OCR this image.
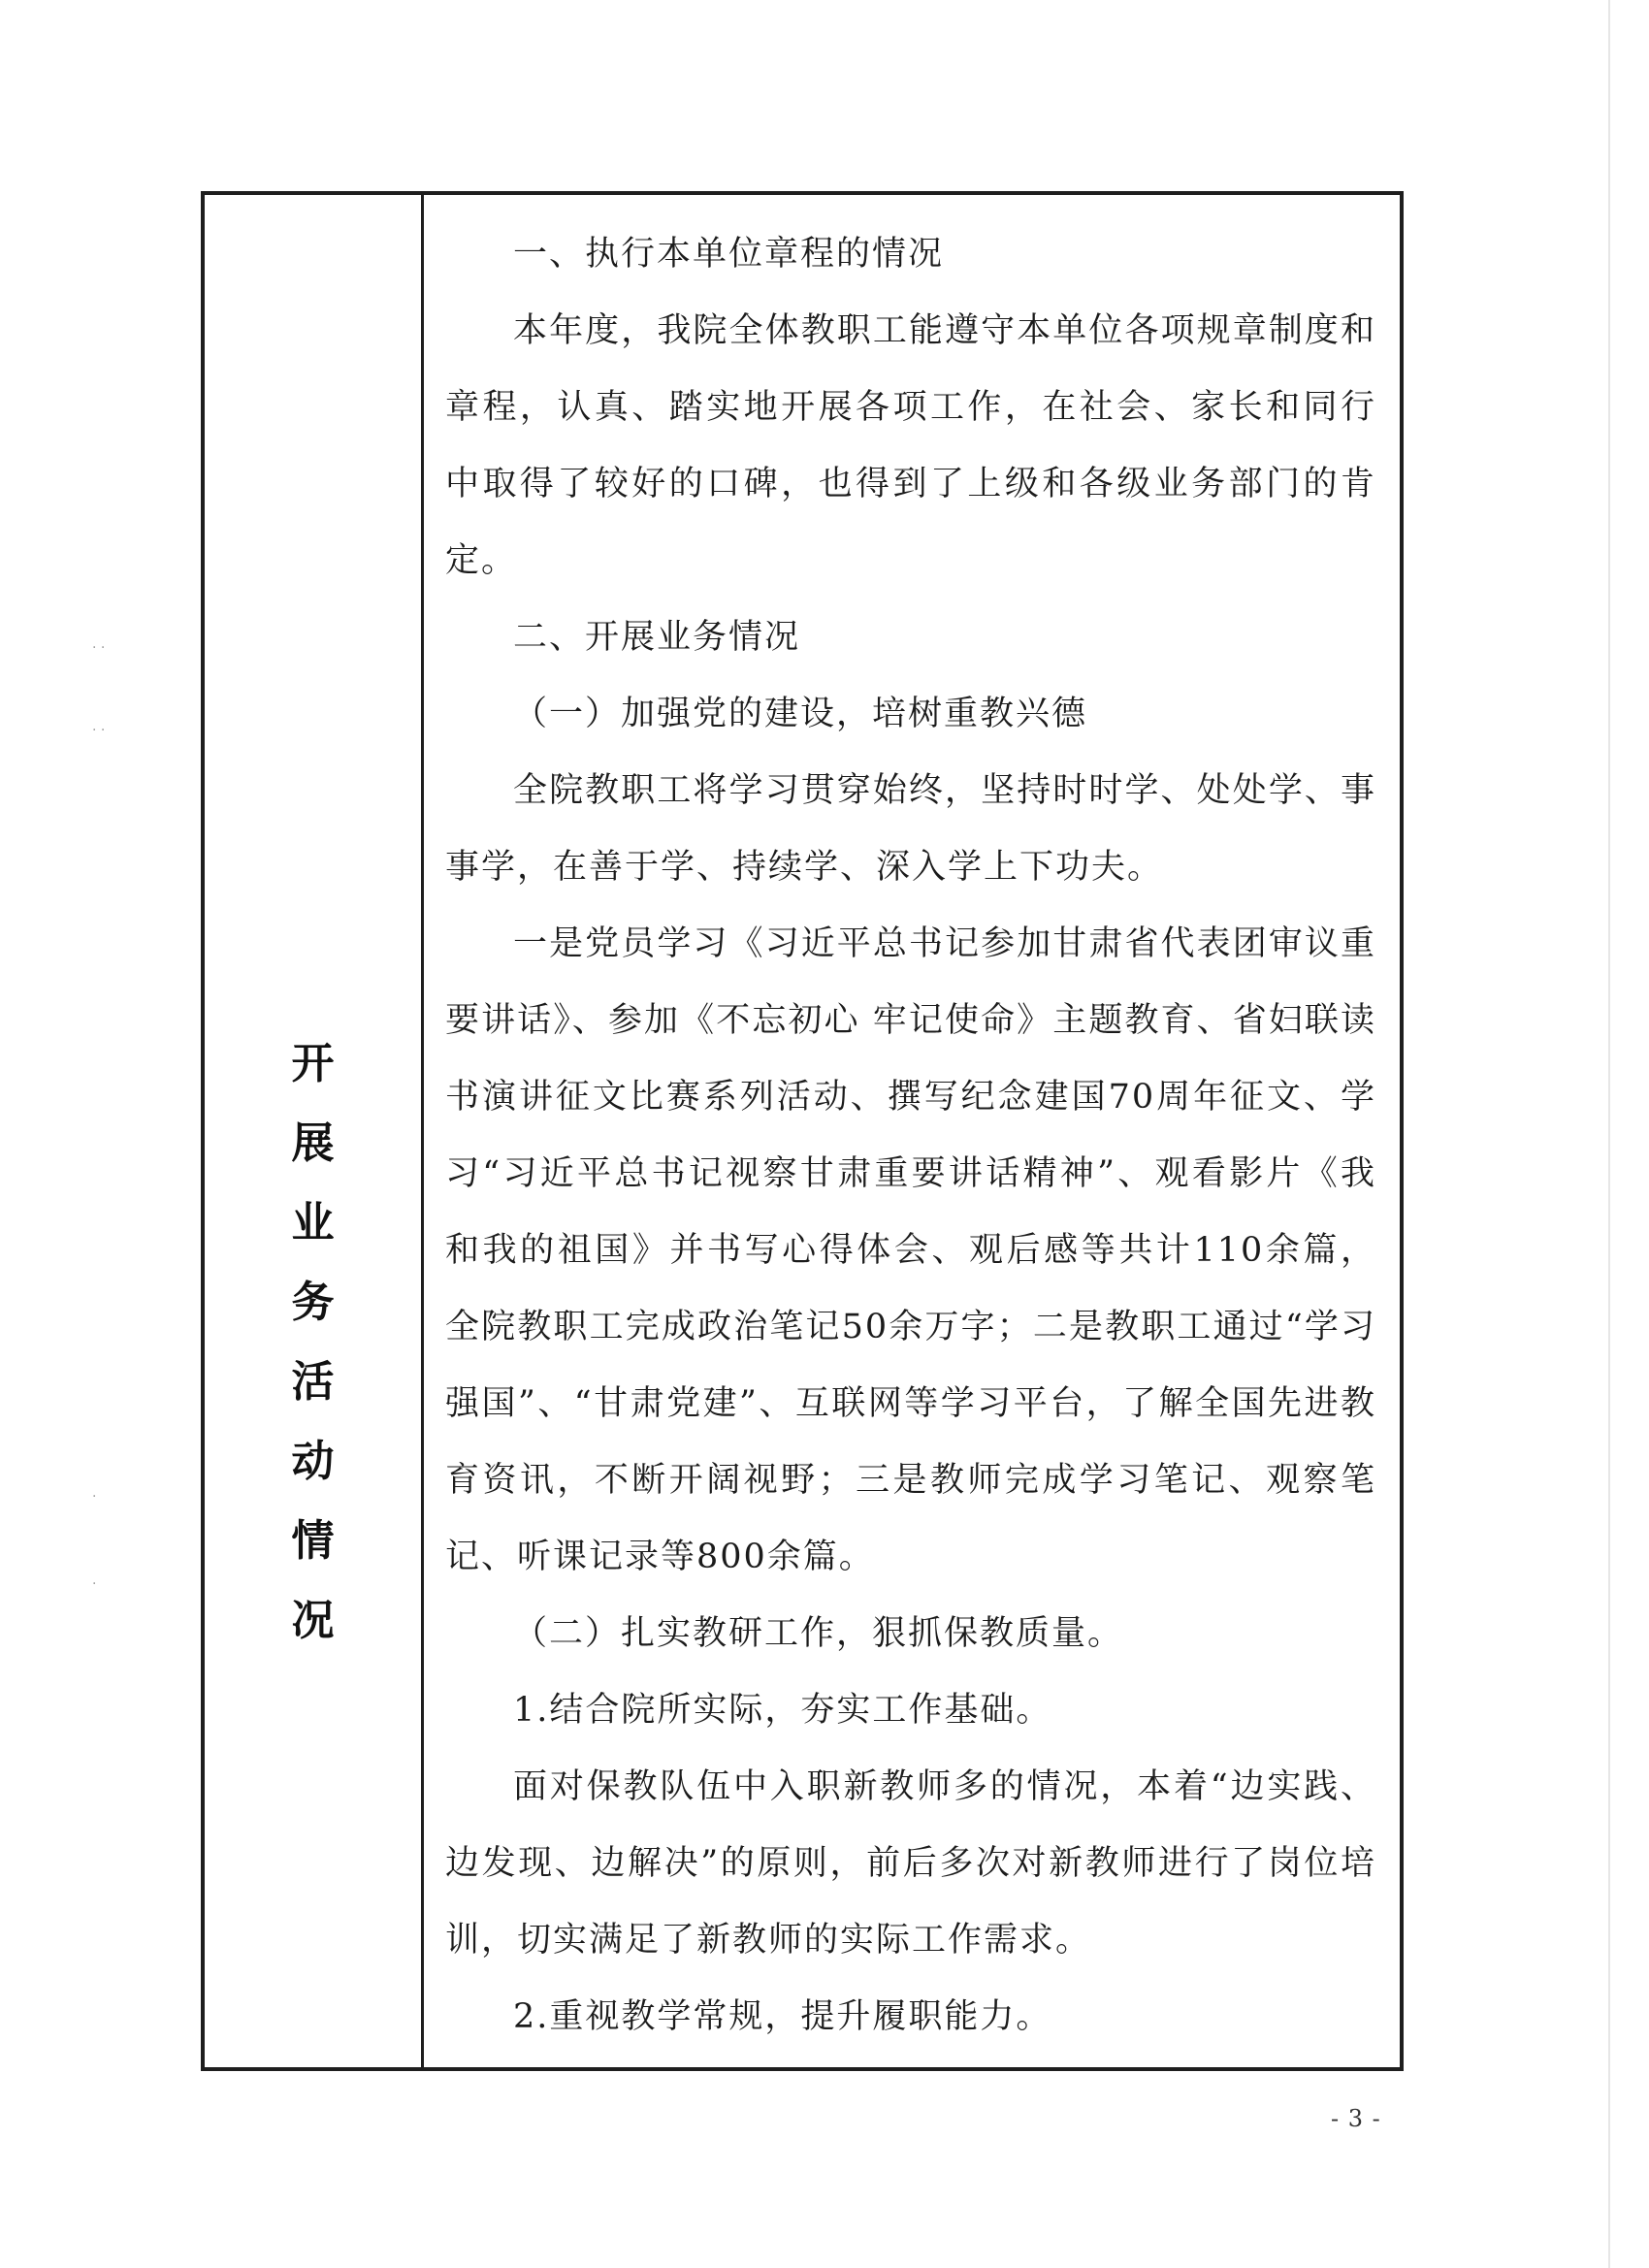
· ·
· ·
·
·
开
展
业
务
活
动
情
况

一、执行本单位章程的情况

本年度，我院全体教职工能遵守本单位各项规章制度和章程，认真、踏实地开展各项工作，在社会、家长和同行中取得了较好的口碑，也得到了上级和各级业务部门的肯定。

二、开展业务情况

（一）加强党的建设，培树重教兴德

全院教职工将学习贯穿始终，坚持时时学、处处学、事事学，在善于学、持续学、深入学上下功夫。

一是党员学习《习近平总书记参加甘肃省代表团审议重要讲话》、参加《不忘初心 牢记使命》主题教育、省妇联读书演讲征文比赛系列活动、撰写纪念建国70周年征文、学习“习近平总书记视察甘肃重要讲话精神”、观看影片《我和我的祖国》并书写心得体会、观后感等共计110余篇，全院教职工完成政治笔记50余万字；二是教职工通过“学习强国”、“甘肃党建”、互联网等学习平台，了解全国先进教育资讯，不断开阔视野；三是教师完成学习笔记、观察笔记、听课记录等800余篇。

（二）扎实教研工作，狠抓保教质量。

1.结合院所实际，夯实工作基础。

面对保教队伍中入职新教师多的情况，本着“边实践、边发现、边解决”的原则，前后多次对新教师进行了岗位培训，切实满足了新教师的实际工作需求。

2.重视教学常规，提升履职能力。

- 3 -
